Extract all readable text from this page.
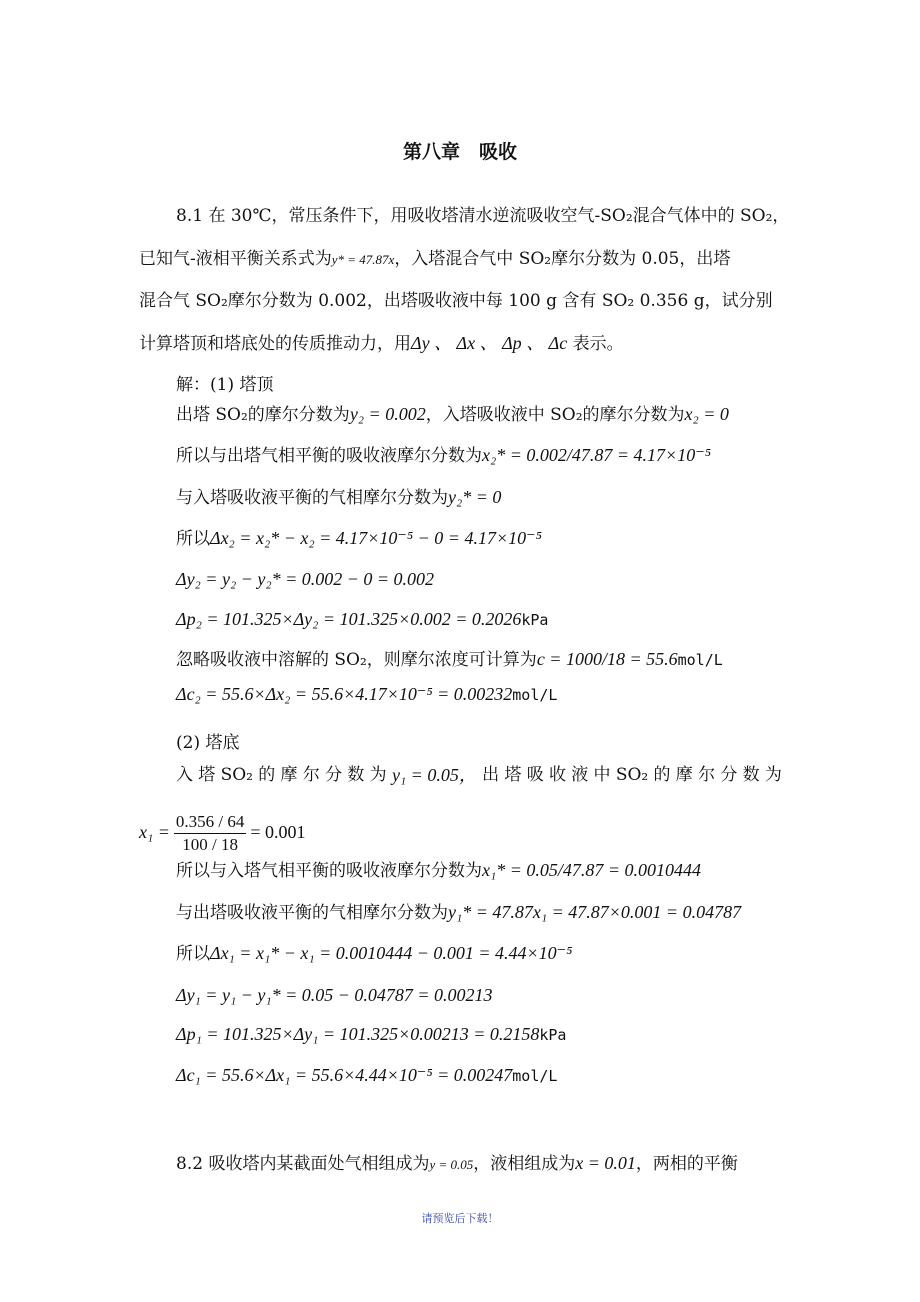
第八章　吸收
8.1 在 30℃，常压条件下，用吸收塔清水逆流吸收空气-SO₂混合气体中的 SO₂，
已知气-液相平衡关系式为y* = 47.87x，入塔混合气中 SO₂摩尔分数为 0.05，出塔
混合气 SO₂摩尔分数为 0.002，出塔吸收液中每 100 g 含有 SO₂ 0.356 g，试分别
计算塔顶和塔底处的传质推动力，用Δy 、 Δx 、 Δp 、 Δc 表示。
解：(1) 塔顶
出塔 SO₂的摩尔分数为y₂ = 0.002，入塔吸收液中 SO₂的摩尔分数为x₂ = 0
所以与出塔气相平衡的吸收液摩尔分数为x₂* = 0.002/47.87 = 4.17×10⁻⁵
与入塔吸收液平衡的气相摩尔分数为y₂* = 0
所以Δx₂ = x₂* − x₂ = 4.17×10⁻⁵ − 0 = 4.17×10⁻⁵
Δy₂ = y₂ − y₂* = 0.002 − 0 = 0.002
Δp₂ = 101.325×Δy₂ = 101.325×0.002 = 0.2026kPa
忽略吸收液中溶解的 SO₂，则摩尔浓度可计算为c = 1000/18 = 55.6mol/L
Δc₂ = 55.6×Δx₂ = 55.6×4.17×10⁻⁵ = 0.00232mol/L
(2) 塔底
入 塔 SO₂ 的 摩 尔 分 数 为 y₁ = 0.05， 出 塔 吸 收 液 中 SO₂ 的 摩 尔 分 数 为
$x_1 = \frac{0.356 / 64}{100 / 18} = 0.001$
所以与入塔气相平衡的吸收液摩尔分数为x₁* = 0.05/47.87 = 0.0010444
与出塔吸收液平衡的气相摩尔分数为y₁* = 47.87x₁ = 47.87×0.001 = 0.04787
所以Δx₁ = x₁* − x₁ = 0.0010444 − 0.001 = 4.44×10⁻⁵
Δy₁ = y₁ − y₁* = 0.05 − 0.04787 = 0.00213
Δp₁ = 101.325×Δy₁ = 101.325×0.00213 = 0.2158kPa
Δc₁ = 55.6×Δx₁ = 55.6×4.44×10⁻⁵ = 0.00247mol/L
8.2 吸收塔内某截面处气相组成为y = 0.05，液相组成为x = 0.01，两相的平衡
请预览后下载！
